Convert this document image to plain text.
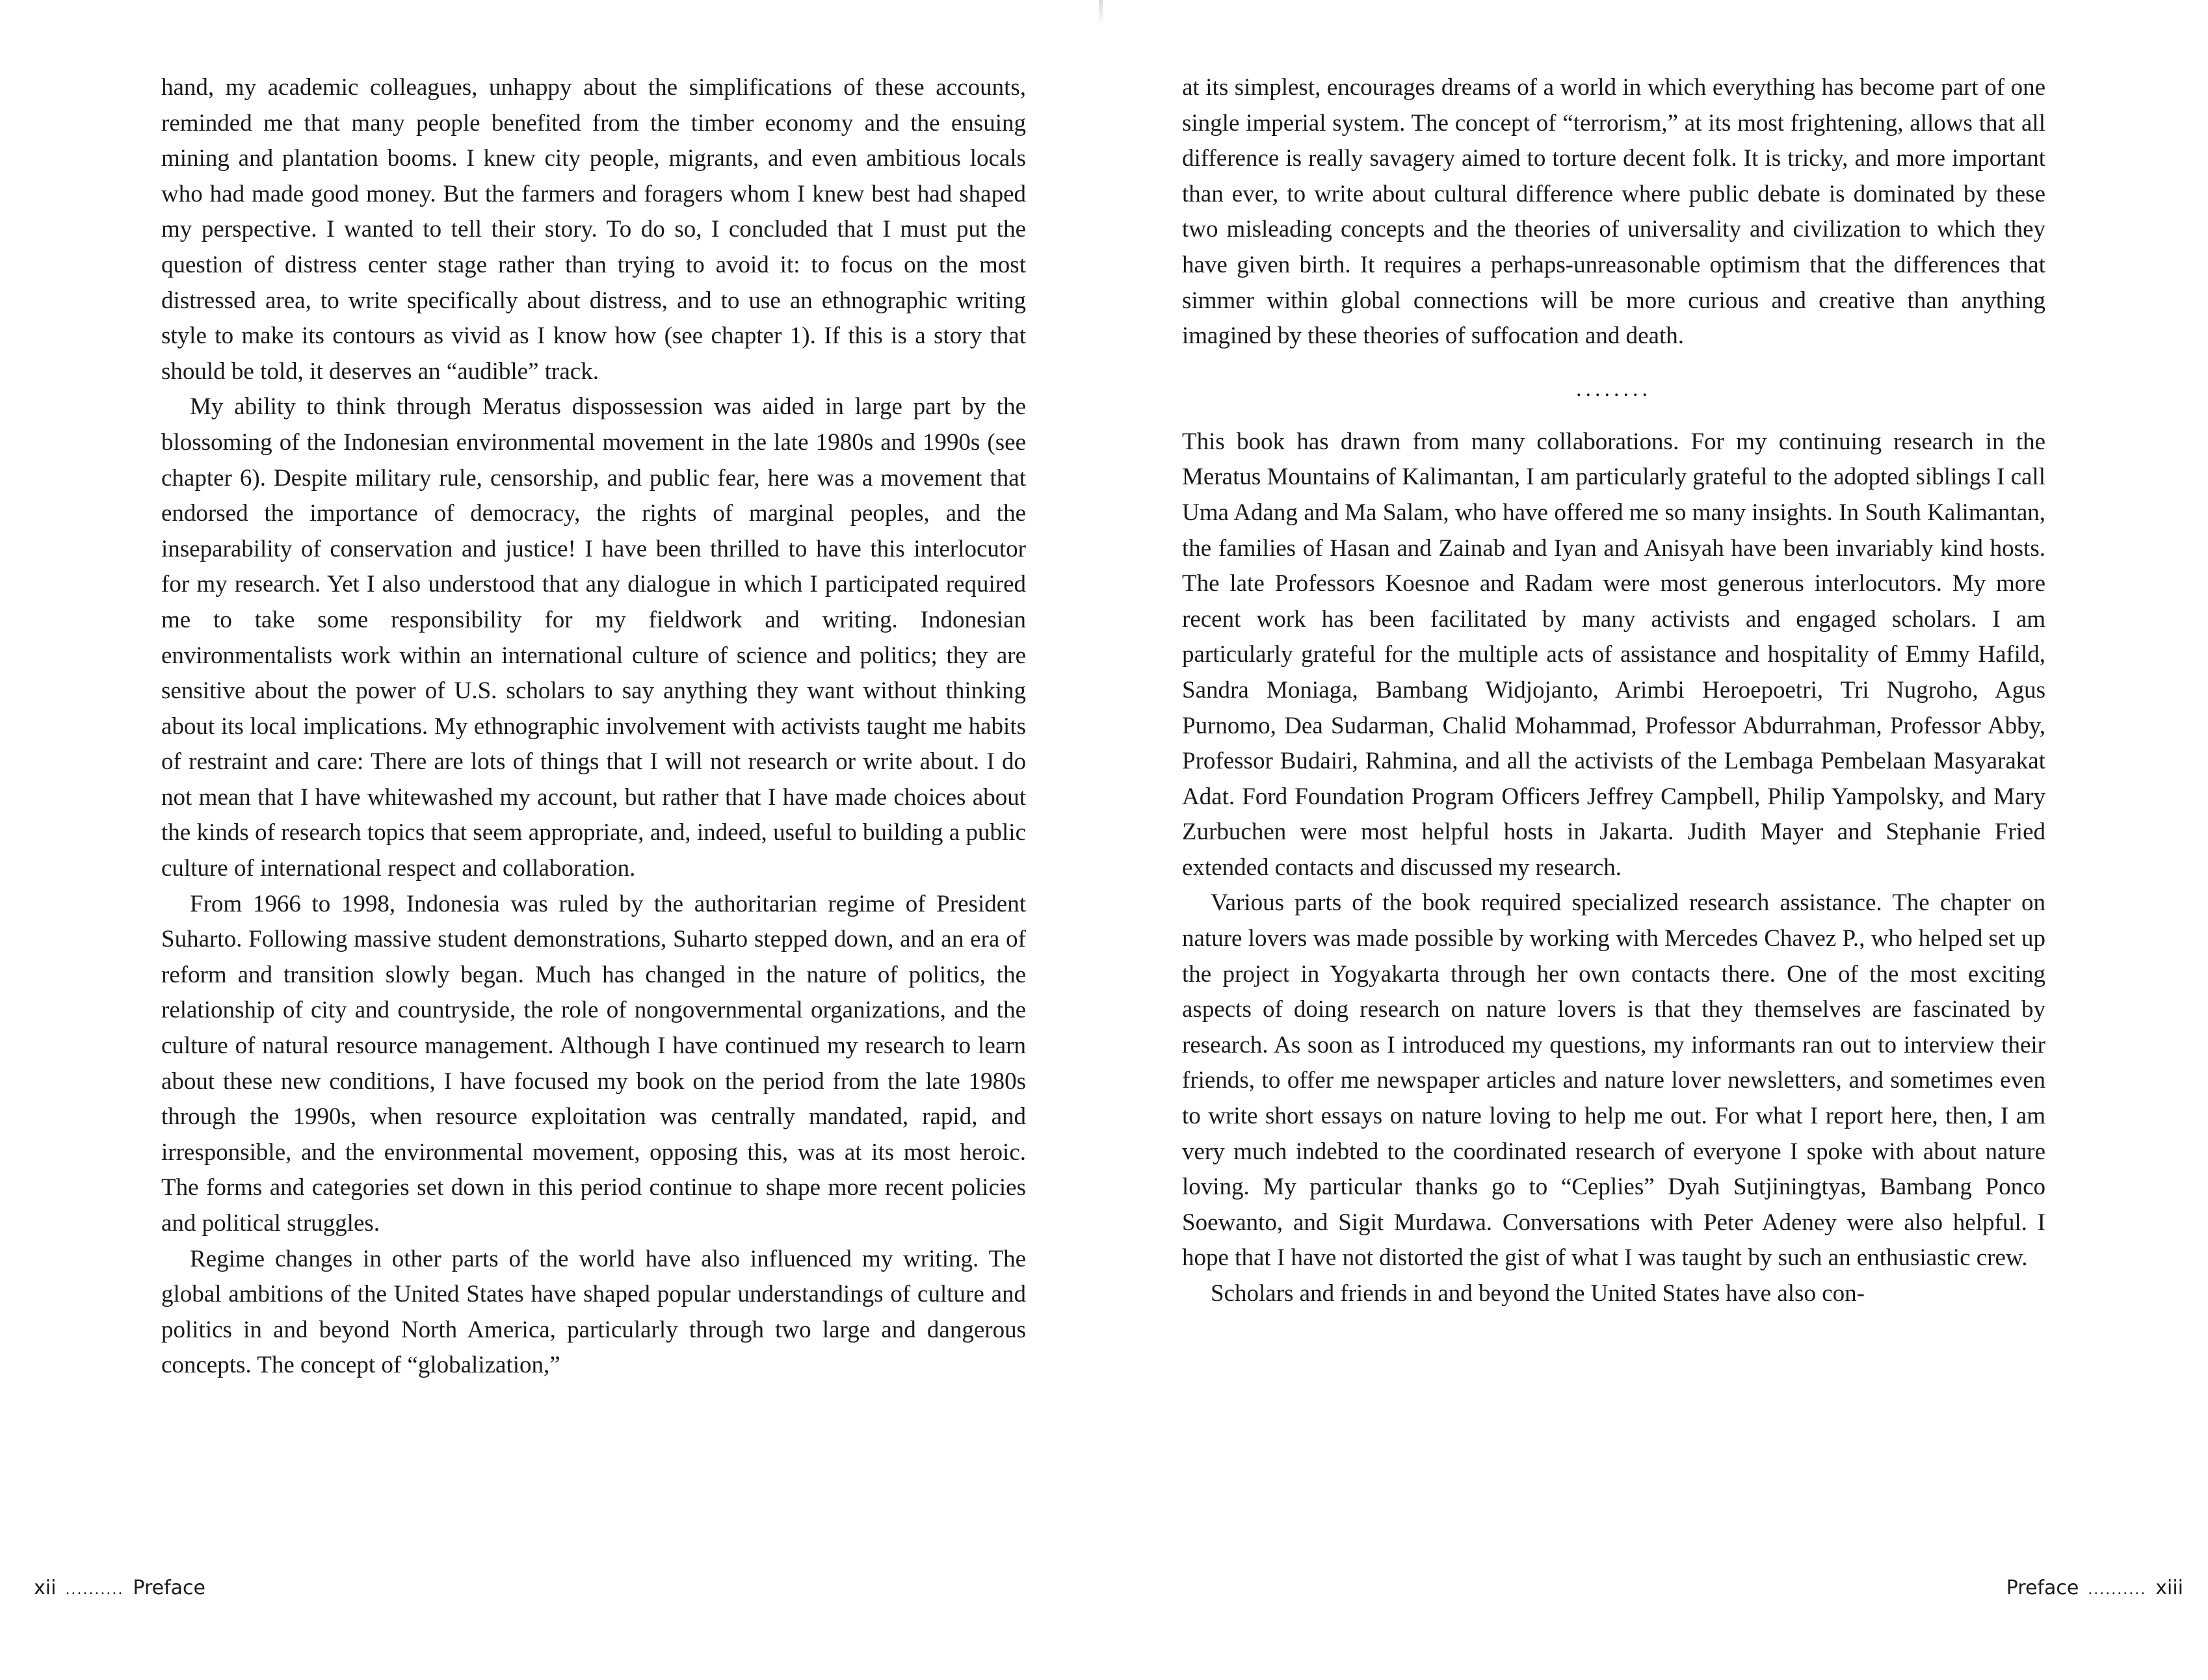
hand, my academic colleagues, unhappy about the simplifications of these accounts, reminded me that many people benefited from the timber economy and the ensuing mining and plantation booms. I knew city people, migrants, and even ambitious locals who had made good money. But the farmers and foragers whom I knew best had shaped my perspective. I wanted to tell their story. To do so, I concluded that I must put the question of distress center stage rather than trying to avoid it: to focus on the most distressed area, to write specifically about distress, and to use an ethnographic writing style to make its contours as vivid as I know how (see chapter 1). If this is a story that should be told, it deserves an “audible” track.

My ability to think through Meratus dispossession was aided in large part by the blossoming of the Indonesian environmental movement in the late 1980s and 1990s (see chapter 6). Despite military rule, censorship, and public fear, here was a movement that endorsed the importance of democracy, the rights of marginal peoples, and the inseparability of conservation and justice! I have been thrilled to have this interlocutor for my research. Yet I also understood that any dialogue in which I participated required me to take some responsibility for my fieldwork and writing. Indonesian environmentalists work within an international culture of science and politics; they are sensitive about the power of U.S. scholars to say anything they want without thinking about its local implications. My ethnographic involvement with activists taught me habits of restraint and care: There are lots of things that I will not research or write about. I do not mean that I have whitewashed my account, but rather that I have made choices about the kinds of research topics that seem appropriate, and, indeed, useful to building a public culture of international respect and collaboration.

From 1966 to 1998, Indonesia was ruled by the authoritarian regime of President Suharto. Following massive student demonstrations, Suharto stepped down, and an era of reform and transition slowly began. Much has changed in the nature of politics, the relationship of city and countryside, the role of nongovernmental organizations, and the culture of natural resource management. Although I have continued my research to learn about these new conditions, I have focused my book on the period from the late 1980s through the 1990s, when resource exploitation was centrally mandated, rapid, and irresponsible, and the environmental movement, opposing this, was at its most heroic. The forms and categories set down in this period continue to shape more recent policies and political struggles.

Regime changes in other parts of the world have also influenced my writing. The global ambitions of the United States have shaped popular understandings of culture and politics in and beyond North America, particularly through two large and dangerous concepts. The concept of “globalization,”

xii .......... Preface

at its simplest, encourages dreams of a world in which everything has become part of one single imperial system. The concept of “terrorism,” at its most frightening, allows that all difference is really savagery aimed to torture decent folk. It is tricky, and more important than ever, to write about cultural difference where public debate is dominated by these two misleading concepts and the theories of universality and civilization to which they have given birth. It requires a perhaps-unreasonable optimism that the differences that simmer within global connections will be more curious and creative than anything imagined by these theories of suffocation and death.

........

This book has drawn from many collaborations. For my continuing research in the Meratus Mountains of Kalimantan, I am particularly grateful to the adopted siblings I call Uma Adang and Ma Salam, who have offered me so many insights. In South Kalimantan, the families of Hasan and Zainab and Iyan and Anisyah have been invariably kind hosts. The late Professors Koesnoe and Radam were most generous interlocutors. My more recent work has been facilitated by many activists and engaged scholars. I am particularly grateful for the multiple acts of assistance and hospitality of Emmy Hafild, Sandra Moniaga, Bambang Widjojanto, Arimbi Heroepoetri, Tri Nugroho, Agus Purnomo, Dea Sudarman, Chalid Mohammad, Professor Abdurrahman, Professor Abby, Professor Budairi, Rahmina, and all the activists of the Lembaga Pembelaan Masyarakat Adat. Ford Foundation Program Officers Jeffrey Campbell, Philip Yampolsky, and Mary Zurbuchen were most helpful hosts in Jakarta. Judith Mayer and Stephanie Fried extended contacts and discussed my research.

Various parts of the book required specialized research assistance. The chapter on nature lovers was made possible by working with Mercedes Chavez P., who helped set up the project in Yogyakarta through her own contacts there. One of the most exciting aspects of doing research on nature lovers is that they themselves are fascinated by research. As soon as I introduced my questions, my informants ran out to interview their friends, to offer me newspaper articles and nature lover newsletters, and sometimes even to write short essays on nature loving to help me out. For what I report here, then, I am very much indebted to the coordinated research of everyone I spoke with about nature loving. My particular thanks go to “Ceplies” Dyah Sutjiningtyas, Bambang Ponco Soewanto, and Sigit Murdawa. Conversations with Peter Adeney were also helpful. I hope that I have not distorted the gist of what I was taught by such an enthusiastic crew.

Scholars and friends in and beyond the United States have also con-

Preface .......... xiii
